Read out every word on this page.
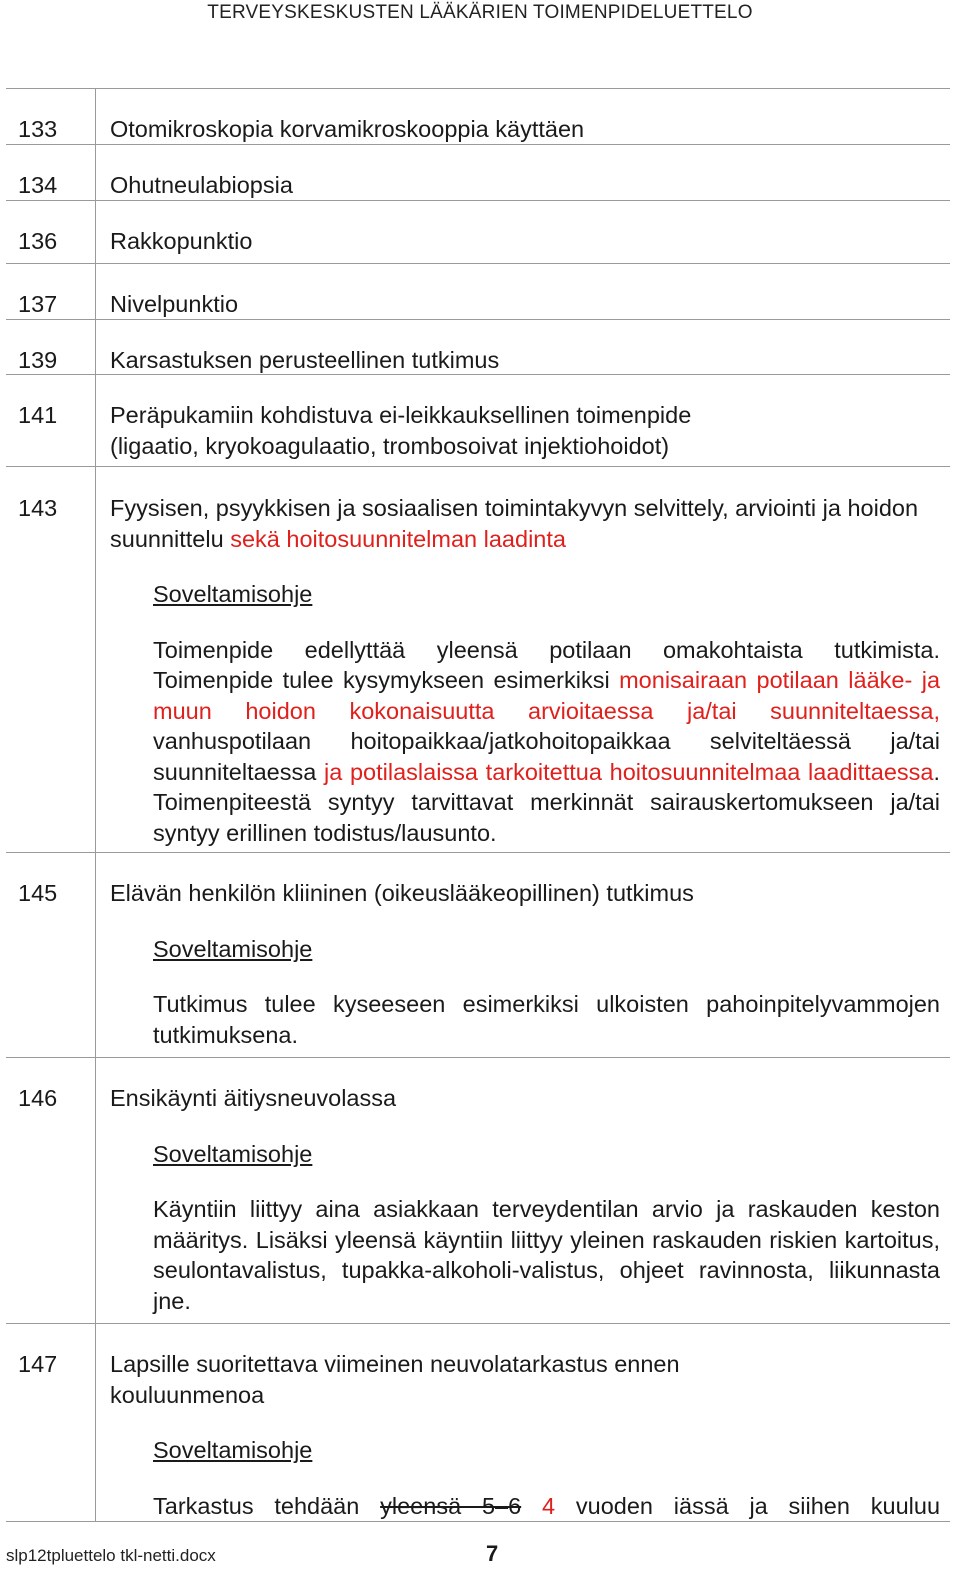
TERVEYSKESKUSTEN LÄÄKÄRIEN TOIMENPIDELUETTELO
133	Otomikroskopia korvamikroskooppia käyttäen
134	Ohutneulabiopsia
136	Rakkopunktio
137	Nivelpunktio
139	Karsastuksen perusteellinen tutkimus
141	Peräpukamiin kohdistuva ei-leikkauksellinen toimenpide
(ligaatio, kryokoagulaatio, trombosoivat injektiohoidot)
143	Fyysisen, psyykkisen ja sosiaalisen toimintakyvyn selvittely, arviointi ja hoidon suunnittelu sekä hoitosuunnitelman laadinta
Soveltamisohje
Toimenpide edellyttää yleensä potilaan omakohtaista tutkimista. Toimenpide tulee kysymykseen esimerkiksi monisairaan potilaan lääke- ja muun hoidon kokonaisuutta arvioitaessa ja/tai suunniteltaessa, vanhuspotilaan hoitopaikkaa/jatkohoitopaikkaa selviteltäessä ja/tai suunniteltaessa ja potilaslaissa tarkoitettua hoitosuunnitelmaa laadittaessa. Toimenpiteestä syntyy tarvittavat merkinnät sairauskertomukseen ja/tai syntyy erillinen todistus/lausunto.
145	Elävän henkilön kliininen (oikeuslääkeopillinen) tutkimus
Soveltamisohje
Tutkimus tulee kyseeseen esimerkiksi ulkoisten pahoinpitelyvammojen tutkimuksena.
146	Ensikäynti äitiysneuvolassa
Soveltamisohje
Käyntiin liittyy aina asiakkaan terveydentilan arvio ja raskauden keston määritys. Lisäksi yleensä käyntiin liittyy yleinen raskauden riskien kartoitus, seulontavalistus, tupakka-alkoholi-valistus, ohjeet ravinnosta, liikunnasta jne.
147	Lapsille suoritettava viimeinen neuvolatarkastus ennen
kouluunmenoa
Soveltamisohje
Tarkastus tehdään yleensä 5–6 4 vuoden iässä ja siihen kuuluu
slp12tpluettelo tkl-netti.docx	7
